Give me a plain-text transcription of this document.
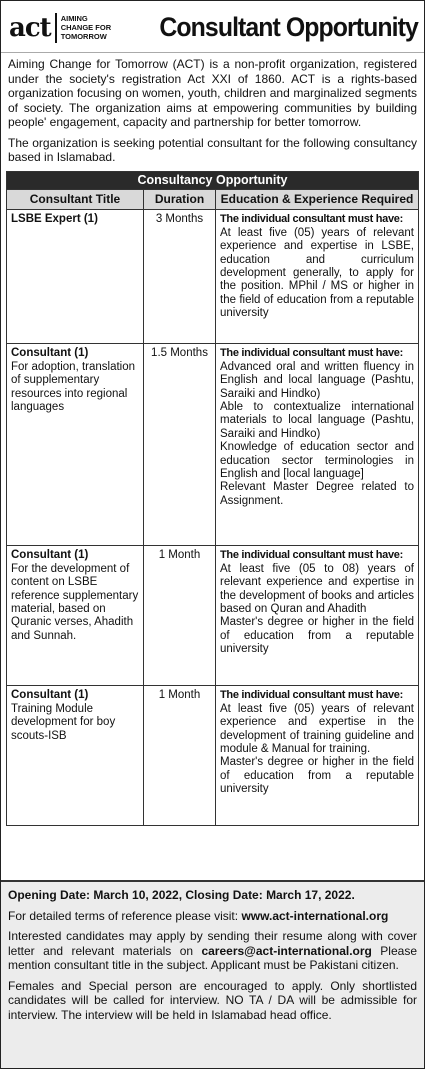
act AIMING
CHANGE FOR
TOMORROW	Consultant Opportunity

Aiming Change for Tomorrow (ACT) is a non-profit organization, registered under the society's registration Act XXI of 1860. ACT is a rights-based organization focusing on women, youth, children and marginalized segments of society. The organization aims at empowering communities by building people' engagement, capacity and partnership for better tomorrow.

The organization is seeking potential consultant for the following consultancy based in Islamabad.

Consultancy Opportunity		
Consultant Title	Duration	Education & Experience Required
LSBE Expert (1)	3 Months	The individual consultant must have:
At least five (05) years of relevant experience and expertise in LSBE, education and curriculum development generally, to apply for the position. MPhil / MS or higher in the field of education from a reputable university

Consultant (1)
For adoption, translation of supplementary resources into regional languages	1.5 Months	The individual consultant must have:
Advanced oral and written fluency in English and local language (Pashtu, Saraiki and Hindko)
Able to contextualize international materials to local language (Pashtu, Saraiki and Hindko)
Knowledge of education sector and education sector terminologies in English and [local language]
Relevant Master Degree related to Assignment.

Consultant (1)
For the development of content on LSBE reference supplementary material, based on Quranic verses, Ahadith and Sunnah.	1 Month	The individual consultant must have:
At least five (05 to 08) years of relevant experience and expertise in the development of books and articles based on Quran and Ahadith
Master's degree or higher in the field of education from a reputable university

Consultant (1)
Training Module development for boy scouts-ISB	1 Month	The individual consultant must have:
At least five (05) years of relevant experience and expertise in the development of training guideline and module & Manual for training.
Master's degree or higher in the field of education from a reputable university

Opening Date: March 10, 2022, Closing Date: March 17, 2022.

For detailed terms of reference please visit: www.act-international.org

Interested candidates may apply by sending their resume along with cover letter and relevant materials on careers@act-international.org Please mention consultant title in the subject. Applicant must be Pakistani citizen.

Females and Special person are encouraged to apply. Only shortlisted candidates will be called for interview. NO TA / DA will be admissible for interview. The interview will be held in Islamabad head office.
